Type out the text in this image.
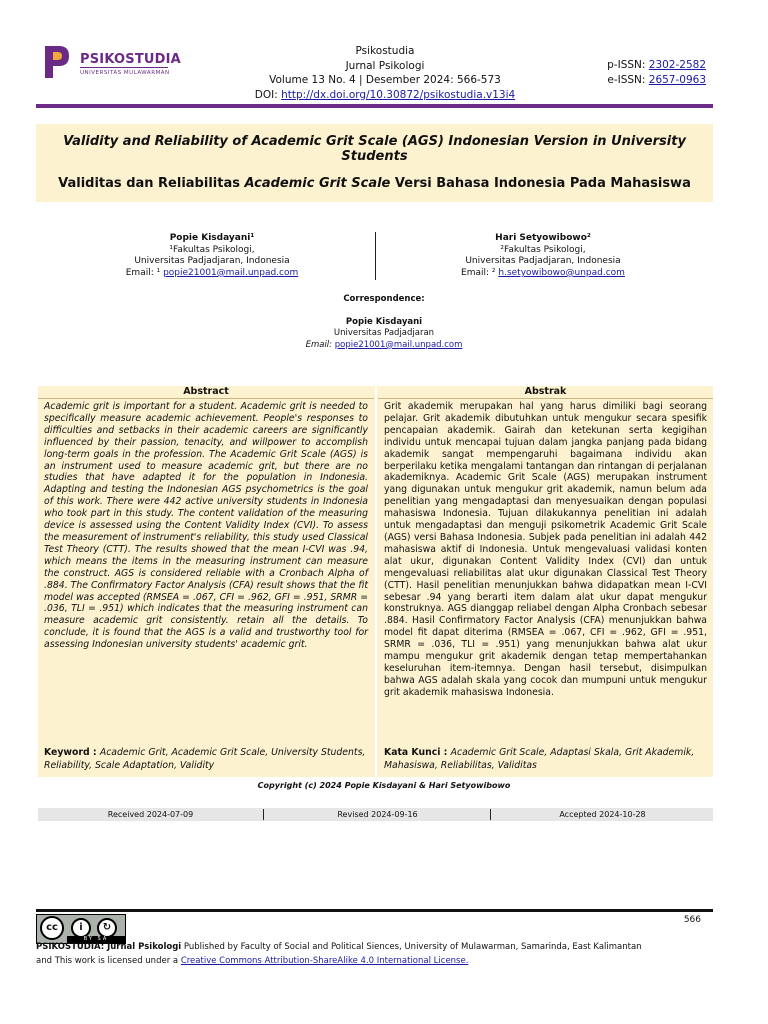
PSIKOSTUDIA
UNIVERSITAS MULAWARMAN
Psikostudia
Jurnal Psikologi
Volume 13 No. 4 | Desember 2024: 566-573
DOI: http://dx.doi.org/10.30872/psikostudia.v13i4
p-ISSN: 2302-2582
e-ISSN: 2657-0963
Validity and Reliability of Academic Grit Scale (AGS) Indonesian Version in University Students
Validitas dan Reliabilitas Academic Grit Scale Versi Bahasa Indonesia Pada Mahasiswa
Popie Kisdayani¹
¹Fakultas Psikologi,
Universitas Padjadjaran, Indonesia
Email: ¹ popie21001@mail.unpad.com
Hari Setyowibowo²
²Fakultas Psikologi,
Universitas Padjadjaran, Indonesia
Email: ² h.setyowibowo@unpad.com
Correspondence:
Popie Kisdayani
Universitas Padjadjaran
Email: popie21001@mail.unpad.com
Abstract
Academic grit is important for a student. Academic grit is needed to specifically measure academic achievement. People's responses to difficulties and setbacks in their academic careers are significantly influenced by their passion, tenacity, and willpower to accomplish long-term goals in the profession. The Academic Grit Scale (AGS) is an instrument used to measure academic grit, but there are no studies that have adapted it for the population in Indonesia. Adapting and testing the Indonesian AGS psychometrics is the goal of this work. There were 442 active university students in Indonesia who took part in this study. The content validation of the measuring device is assessed using the Content Validity Index (CVI). To assess the measurement of instrument's reliability, this study used Classical Test Theory (CTT). The results showed that the mean I-CVI was .94, which means the items in the measuring instrument can measure the construct. AGS is considered reliable with a Cronbach Alpha of .884. The Confirmatory Factor Analysis (CFA) result shows that the fit model was accepted (RMSEA = .067, CFI = .962, GFI = .951, SRMR = .036, TLI = .951) which indicates that the measuring instrument can measure academic grit consistently. retain all the details. To conclude, it is found that the AGS is a valid and trustworthy tool for assessing Indonesian university students' academic grit.
Keyword : Academic Grit, Academic Grit Scale, University Students, Reliability, Scale Adaptation, Validity
Abstrak
Grit akademik merupakan hal yang harus dimiliki bagi seorang pelajar. Grit akademik dibutuhkan untuk mengukur secara spesifik pencapaian akademik. Gairah dan ketekunan serta kegigihan individu untuk mencapai tujuan dalam jangka panjang pada bidang akademik sangat mempengaruhi bagaimana individu akan berperilaku ketika mengalami tantangan dan rintangan di perjalanan akademiknya. Academic Grit Scale (AGS) merupakan instrument yang digunakan untuk mengukur grit akademik, namun belum ada penelitian yang mengadaptasi dan menyesuaikan dengan populasi mahasiswa Indonesia. Tujuan dilakukannya penelitian ini adalah untuk mengadaptasi dan menguji psikometrik Academic Grit Scale (AGS) versi Bahasa Indonesia. Subjek pada penelitian ini adalah 442 mahasiswa aktif di Indonesia. Untuk mengevaluasi validasi konten alat ukur, digunakan Content Validity Index (CVI) dan untuk mengevaluasi reliabilitas alat ukur digunakan Classical Test Theory (CTT). Hasil penelitian menunjukkan bahwa didapatkan mean I-CVI sebesar .94 yang berarti item dalam alat ukur dapat mengukur konstruknya. AGS dianggap reliabel dengan Alpha Cronbach sebesar .884. Hasil Confirmatory Factor Analysis (CFA) menunjukkan bahwa model fit dapat diterima (RMSEA = .067, CFI = .962, GFI = .951, SRMR = .036, TLI = .951) yang menunjukkan bahwa alat ukur mampu mengukur grit akademik dengan tetap mempertahankan keseluruhan item-itemnya. Dengan hasil tersebut, disimpulkan bahwa AGS adalah skala yang cocok dan mumpuni untuk mengukur grit akademik mahasiswa Indonesia.
Kata Kunci : Academic Grit Scale, Adaptasi Skala, Grit Akademik, Mahasiswa, Reliabilitas, Validitas
Copyright (c) 2024 Popie Kisdayani & Hari Setyowibowo
Received 2024-07-09	Revised 2024-09-16	Accepted 2024-10-28
cc	i	↻
BY SA
566
PSIKOSTUDIA: Jurnal Psikologi Published by Faculty of Social and Political Siences, University of Mulawarman, Samarinda, East Kalimantan
and This work is licensed under a Creative Commons Attribution-ShareAlike 4.0 International License.
